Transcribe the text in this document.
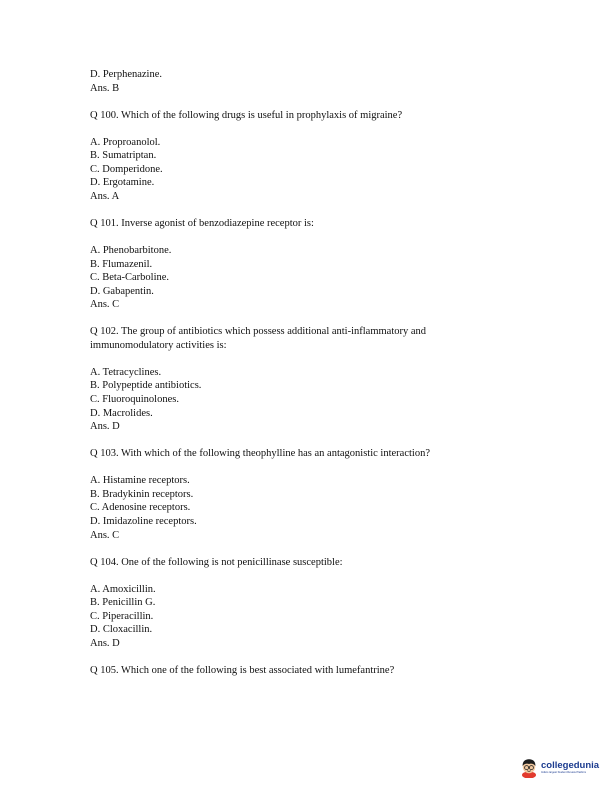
D. Perphenazine.
Ans. B
Q 100. Which of the following drugs is useful in prophylaxis of migraine?
A. Proproanolol.
B. Sumatriptan.
C. Domperidone.
D. Ergotamine.
Ans. A
Q 101. Inverse agonist of benzodiazepine receptor is:
A. Phenobarbitone.
B. Flumazenil.
C. Beta-Carboline.
D. Gabapentin.
Ans. C
Q 102. The group of antibiotics which possess additional anti-inflammatory and
immunomodulatory activities is:
A. Tetracyclines.
B. Polypeptide antibiotics.
C. Fluoroquinolones.
D. Macrolides.
Ans. D
Q 103. With which of the following theophylline has an antagonistic interaction?
A. Histamine receptors.
B. Bradykinin receptors.
C. Adenosine receptors.
D. Imidazoline receptors.
Ans. C
Q 104. One of the following is not penicillinase susceptible:
A. Amoxicillin.
B. Penicillin G.
C. Piperacillin.
D. Cloxacillin.
Ans. D
Q 105. Which one of the following is best associated with lumefantrine?
collegedunia
India's largest Student Review Platform
